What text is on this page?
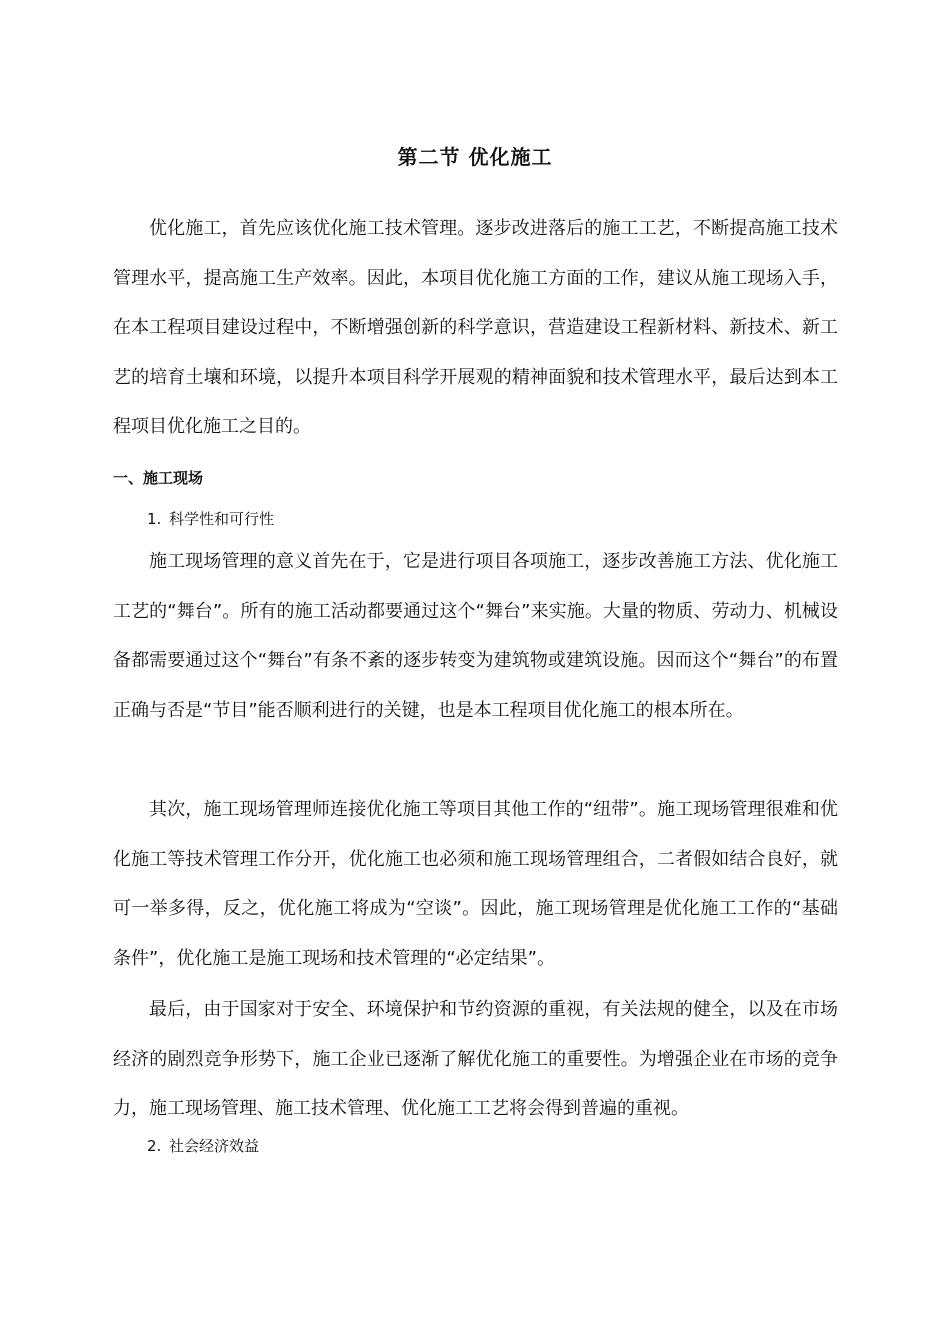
第二节 优化施工

优化施工，首先应该优化施工技术管理。逐步改进落后的施工工艺，不断提高施工技术管理水平，提高施工生产效率。因此，本项目优化施工方面的工作，建议从施工现场入手，在本工程项目建设过程中，不断增强创新的科学意识，营造建设工程新材料、新技术、新工艺的培育土壤和环境，以提升本项目科学开展观的精神面貌和技术管理水平，最后达到本工程项目优化施工之目的。

一、施工现场
1. 科学性和可行性

施工现场管理的意义首先在于，它是进行项目各项施工，逐步改善施工方法、优化施工工艺的“舞台”。所有的施工活动都要通过这个“舞台”来实施。大量的物质、劳动力、机械设备都需要通过这个“舞台”有条不紊的逐步转变为建筑物或建筑设施。因而这个“舞台”的布置正确与否是“节目”能否顺利进行的关键，也是本工程项目优化施工的根本所在。

其次，施工现场管理师连接优化施工等项目其他工作的“纽带”。施工现场管理很难和优化施工等技术管理工作分开，优化施工也必须和施工现场管理组合，二者假如结合良好，就可一举多得，反之，优化施工将成为“空谈”。因此，施工现场管理是优化施工工作的“基础条件”，优化施工是施工现场和技术管理的“必定结果”。

最后，由于国家对于安全、环境保护和节约资源的重视，有关法规的健全，以及在市场经济的剧烈竞争形势下，施工企业已逐渐了解优化施工的重要性。为增强企业在市场的竞争力，施工现场管理、施工技术管理、优化施工工艺将会得到普遍的重视。

2. 社会经济效益
